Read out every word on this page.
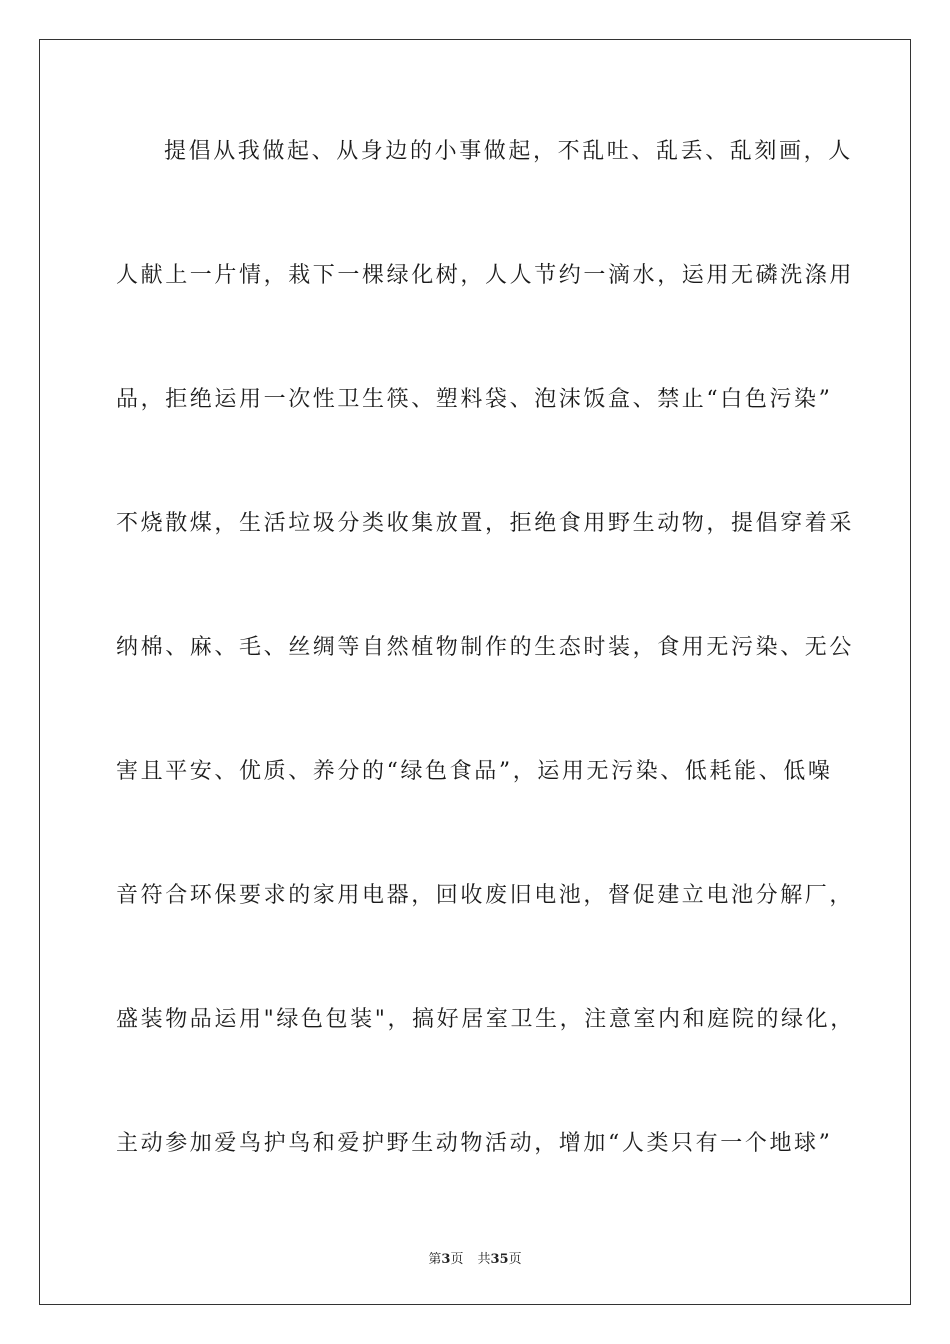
提倡从我做起、从身边的小事做起，不乱吐、乱丢、乱刻画，人
人献上一片情，栽下一棵绿化树，人人节约一滴水，运用无磷洗涤用
品，拒绝运用一次性卫生筷、塑料袋、泡沫饭盒、禁止“白色污染”
不烧散煤，生活垃圾分类收集放置，拒绝食用野生动物，提倡穿着采
纳棉、麻、毛、丝绸等自然植物制作的生态时装，食用无污染、无公
害且平安、优质、养分的“绿色食品”，运用无污染、低耗能、低噪
音符合环保要求的家用电器，回收废旧电池，督促建立电池分解厂，
盛装物品运用"绿色包装"，搞好居室卫生，注意室内和庭院的绿化，
主动参加爱鸟护鸟和爱护野生动物活动，增加“人类只有一个地球”
第3页 共35页
